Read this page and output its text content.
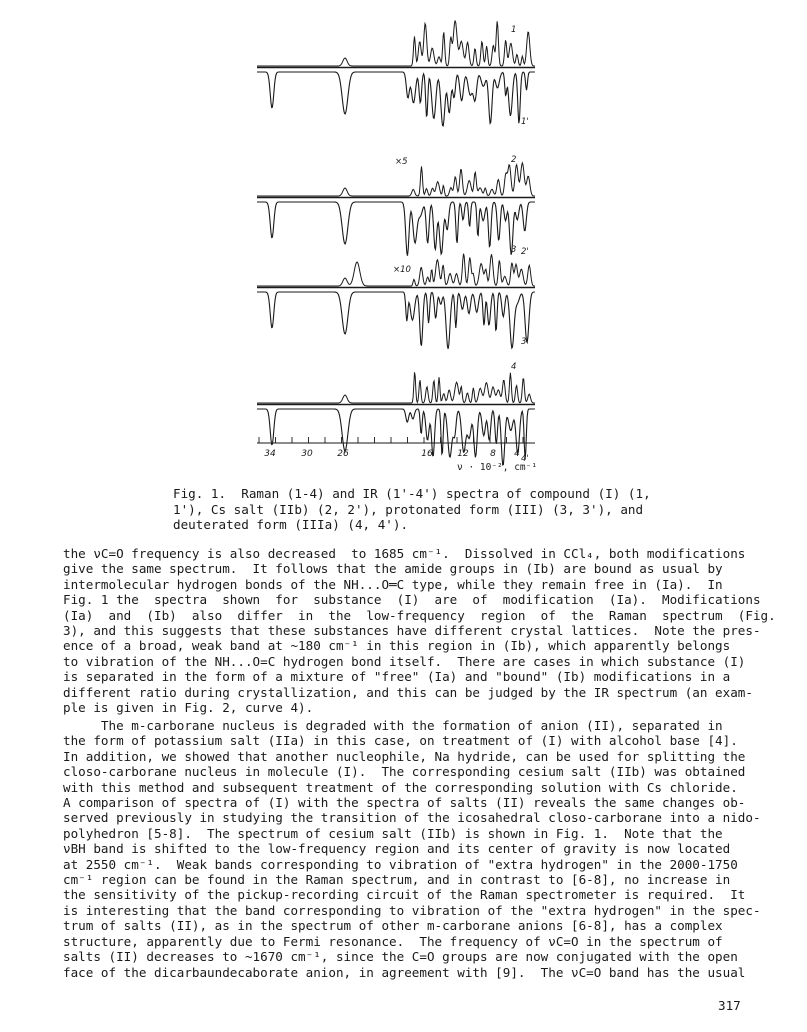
1
1'
2
2'
3
3'
4
4'
×5
×10
34	30	26	16	12 8 4
ν · 10⁻², cm⁻¹
Fig. 1.  Raman (1-4) and IR (1'-4') spectra of compound (I) (1,
1'), Cs salt (IIb) (2, 2'), protonated form (III) (3, 3'), and
deuterated form (IIIa) (4, 4').
the νC=O frequency is also decreased  to 1685 cm⁻¹.  Dissolved in CCl₄, both modifications
give the same spectrum.  It follows that the amide groups in (Ib) are bound as usual by
intermolecular hydrogen bonds of the NH...O═C type, while they remain free in (Ia).  In
Fig. 1 the  spectra  shown  for  substance  (I)  are  of  modification  (Ia).  Modifications
(Ia)  and  (Ib)  also  differ  in  the  low-frequency  region  of  the  Raman  spectrum  (Fig.
3), and this suggests that these substances have different crystal lattices.  Note the pres-
ence of a broad, weak band at ~180 cm⁻¹ in this region in (Ib), which apparently belongs
to vibration of the NH...O=C hydrogen bond itself.  There are cases in which substance (I)
is separated in the form of a mixture of "free" (Ia) and "bound" (Ib) modifications in a
different ratio during crystallization, and this can be judged by the IR spectrum (an exam-
ple is given in Fig. 2, curve 4).
The m-carborane nucleus is degraded with the formation of anion (II), separated in
the form of potassium salt (IIa) in this case, on treatment of (I) with alcohol base [4].
In addition, we showed that another nucleophile, Na hydride, can be used for splitting the
closo-carborane nucleus in molecule (I).  The corresponding cesium salt (IIb) was obtained
with this method and subsequent treatment of the corresponding solution with Cs chloride.
A comparison of spectra of (I) with the spectra of salts (II) reveals the same changes ob-
served previously in studying the transition of the icosahedral closo-carborane into a nido-
polyhedron [5-8].  The spectrum of cesium salt (IIb) is shown in Fig. 1.  Note that the
νBH band is shifted to the low-frequency region and its center of gravity is now located
at 2550 cm⁻¹.  Weak bands corresponding to vibration of "extra hydrogen" in the 2000-1750
cm⁻¹ region can be found in the Raman spectrum, and in contrast to [6-8], no increase in
the sensitivity of the pickup-recording circuit of the Raman spectrometer is required.  It
is interesting that the band corresponding to vibration of the "extra hydrogen" in the spec-
trum of salts (II), as in the spectrum of other m-carborane anions [6-8], has a complex
structure, apparently due to Fermi resonance.  The frequency of νC=O in the spectrum of
salts (II) decreases to ~1670 cm⁻¹, since the C=O groups are now conjugated with the open
face of the dicarbaundecaborate anion, in agreement with [9].  The νC=O band has the usual
317
